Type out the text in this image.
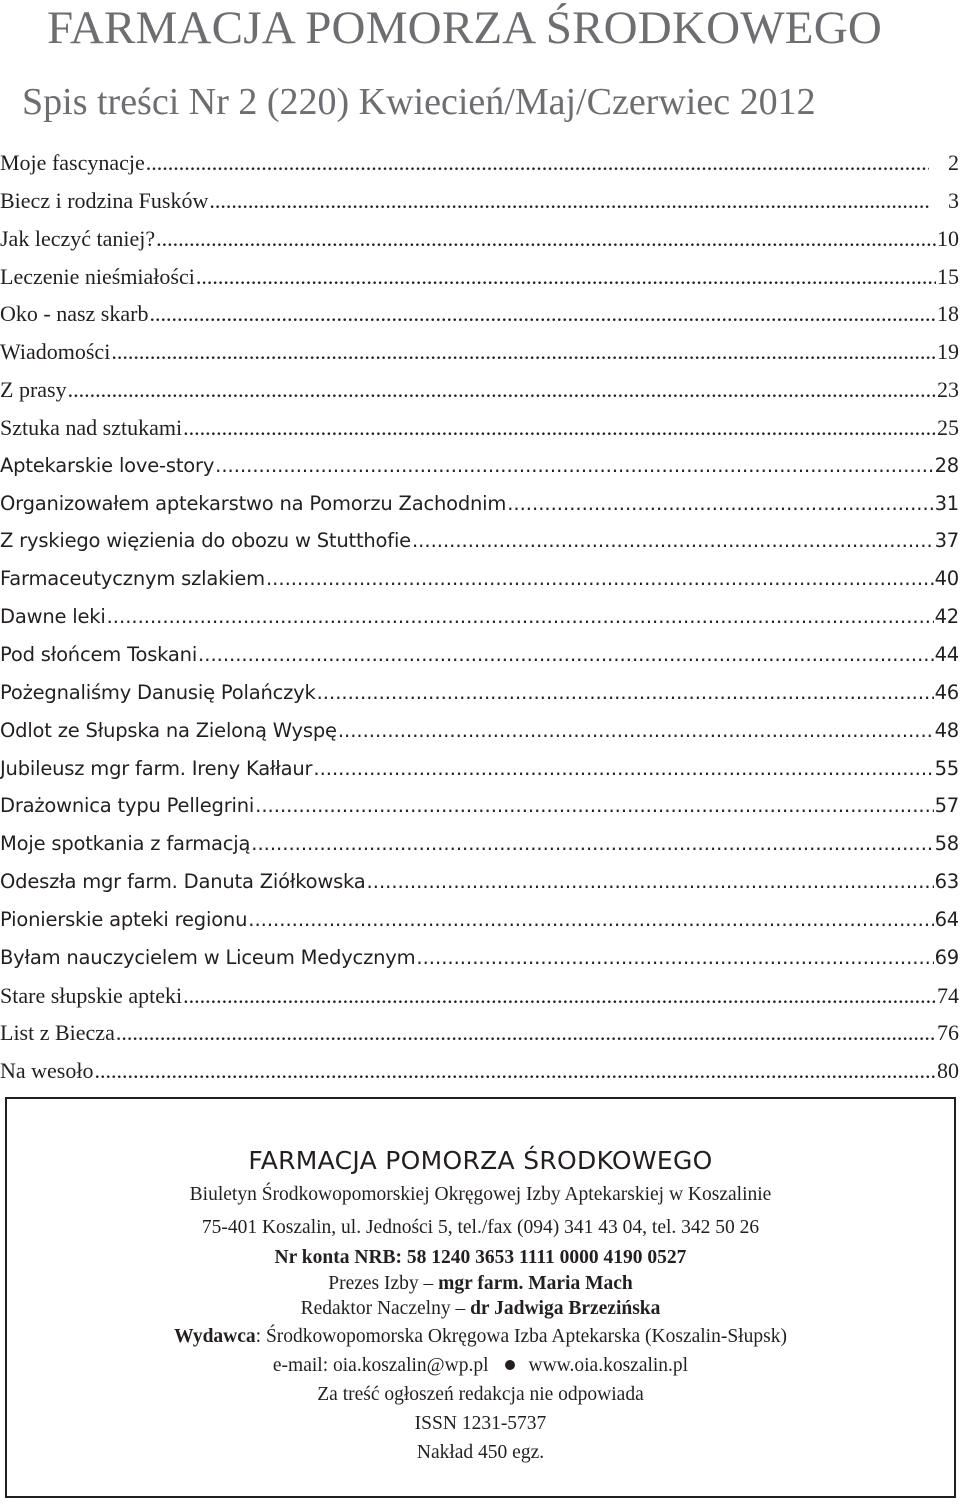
FARMACJA POMORZA ŚRODKOWEGO
Spis treści Nr 2 (220) Kwiecień/Maj/Czerwiec 2012
Moje fascynacje .....	2
Biecz i rodzina Fusków .....	3
Jak leczyć taniej? .....	10
Leczenie nieśmiałości .....	15
Oko - nasz skarb .....	18
Wiadomości .....	19
Z prasy .....	23
Sztuka nad sztukami .....	25
Aptekarskie love-story .....	28
Organizowałem aptekarstwo na Pomorzu Zachodnim .....	31
Z ryskiego więzienia do obozu w Stutthofie .....	37
Farmaceutycznym szlakiem .....	40
Dawne leki .....	42
Pod słońcem Toskani .....	44
Pożegnaliśmy Danusię Polańczyk .....	46
Odlot ze Słupska na Zieloną Wyspę .....	48
Jubileusz mgr farm. Ireny Kałłaur .....	55
Drażownica typu Pellegrini .....	57
Moje spotkania z farmacją .....	58
Odeszła mgr farm. Danuta Ziółkowska .....	63
Pionierskie apteki regionu .....	64
Byłam nauczycielem w Liceum Medycznym .....	69
Stare słupskie apteki .....	74
List z Biecza .....	76
Na wesoło .....	80
FARMACJA POMORZA ŚRODKOWEGO
Biuletyn Środkowopomorskiej Okręgowej Izby Aptekarskiej w Koszalinie
75-401 Koszalin, ul. Jedności 5, tel./fax (094) 341 43 04, tel. 342 50 26
Nr konta NRB: 58 1240 3653 1111 0000 4190 0527
Prezes Izby – mgr farm. Maria Mach
Redaktor Naczelny – dr Jadwiga Brzezińska
Wydawca: Środkowopomorska Okręgowa Izba Aptekarska (Koszalin-Słupsk)
e-mail: oia.koszalin@wp.pl www.oia.koszalin.pl
Za treść ogłoszeń redakcja nie odpowiada
ISSN 1231-5737
Nakład 450 egz.
